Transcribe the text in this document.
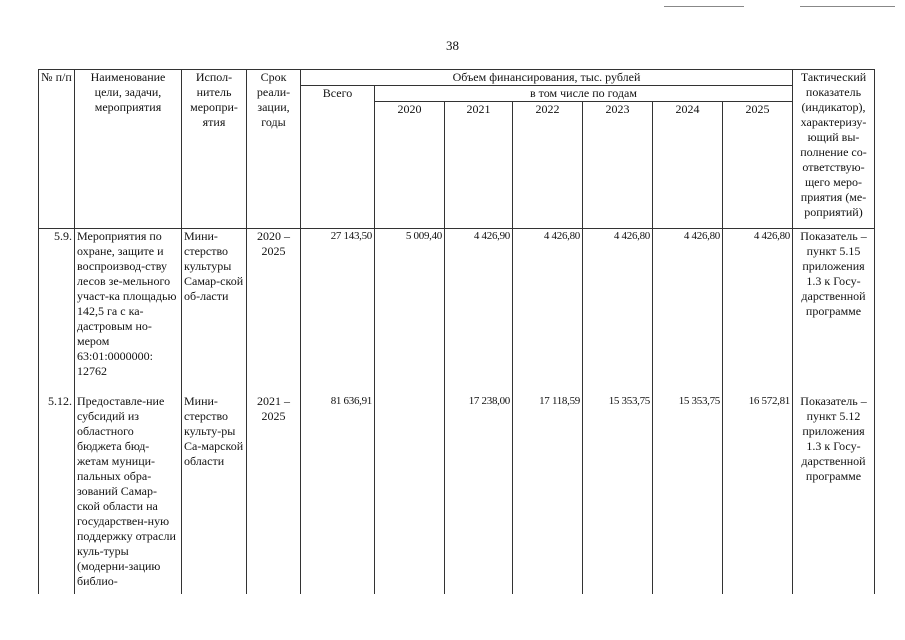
38
№ п/п	Наименование цели, задачи, мероприятия	Испол-нитель меропри-ятия	Срок реали-зации, годы	Объем финансирования, тыс. рублей							Тактический показатель (индикатор), характеризу-ющий вы-полнение со-ответствую-щего меро-приятия (ме-роприятий)
				Всего	в том числе по годам						
					2020	2021	2022	2023	2024	2025	
5.9.	Мероприятия по охране, защите и воспроизвод-ству лесов зе-мельного участ-ка площадью 142,5 га с ка-дастровым но-мером 63:01:0000000: 12762	Мини-стерство культуры Самар-ской об-ласти	2020 – 2025	27 143,50	5 009,40	4 426,90	4 426,80	4 426,80	4 426,80	4 426,80	Показатель – пункт 5.15 приложения 1.3 к Госу-дарственной программе
5.12.	Предоставле-ние субсидий из областного бюджета бюд-жетам муници-пальных обра-зований Самар-ской области на государствен-ную поддержку отрасли куль-туры (модерни-зацию библио-	Мини-стерство культу-ры Са-марской области	2021 – 2025	81 636,91		17 238,00	17 118,59	15 353,75	15 353,75	16 572,81	Показатель – пункт 5.12 приложения 1.3 к Госу-дарственной программе
